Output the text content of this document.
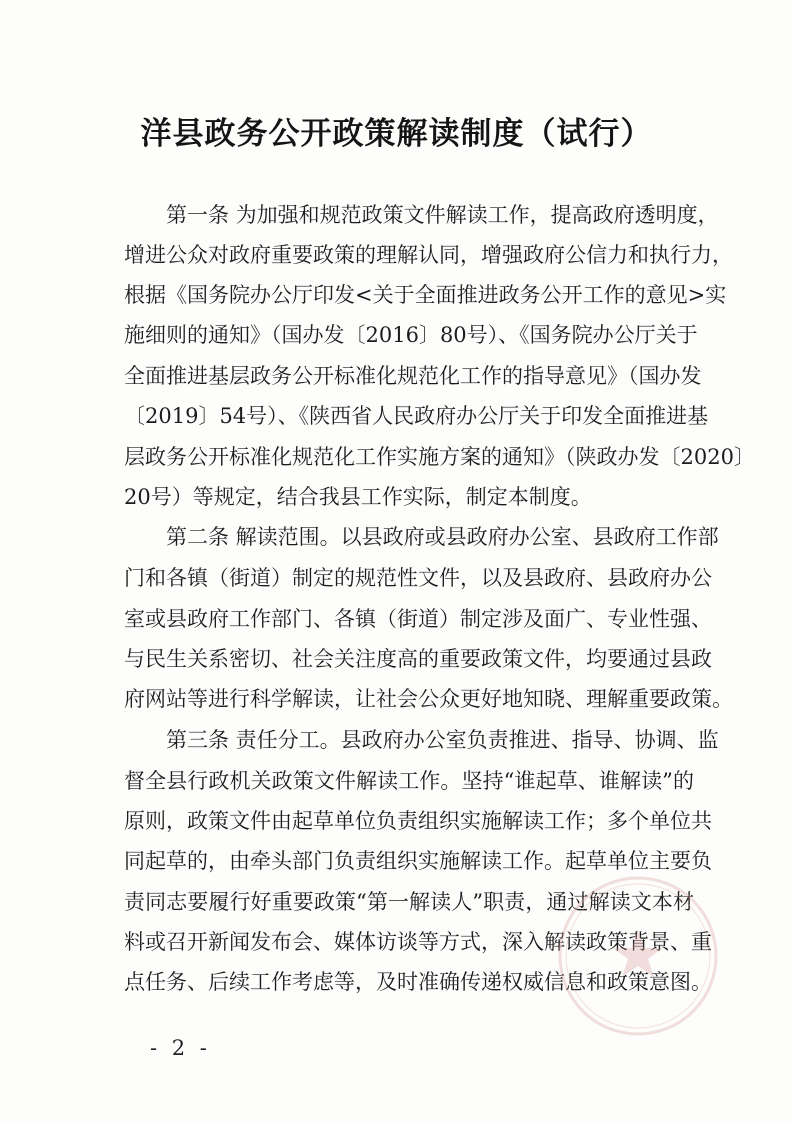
洋县政务公开政策解读制度（试行）
第一条 为加强和规范政策文件解读工作，提高政府透明度，
增进公众对政府重要政策的理解认同，增强政府公信力和执行力，
根据《国务院办公厅印发<关于全面推进政务公开工作的意见>实
施细则的通知》（国办发〔2016〕80号）、《国务院办公厅关于
全面推进基层政务公开标准化规范化工作的指导意见》（国办发
〔2019〕54号）、《陕西省人民政府办公厅关于印发全面推进基
层政务公开标准化规范化工作实施方案的通知》（陕政办发〔2020〕
20号）等规定，结合我县工作实际，制定本制度。
第二条 解读范围。以县政府或县政府办公室、县政府工作部
门和各镇（街道）制定的规范性文件，以及县政府、县政府办公
室或县政府工作部门、各镇（街道）制定涉及面广、专业性强、
与民生关系密切、社会关注度高的重要政策文件，均要通过县政
府网站等进行科学解读，让社会公众更好地知晓、理解重要政策。
第三条 责任分工。县政府办公室负责推进、指导、协调、监
督全县行政机关政策文件解读工作。坚持“谁起草、谁解读”的
原则，政策文件由起草单位负责组织实施解读工作；多个单位共
同起草的，由牵头部门负责组织实施解读工作。起草单位主要负
责同志要履行好重要政策“第一解读人”职责，通过解读文本材
料或召开新闻发布会、媒体访谈等方式，深入解读政策背景、重
点任务、后续工作考虑等，及时准确传递权威信息和政策意图。
- 2 -
